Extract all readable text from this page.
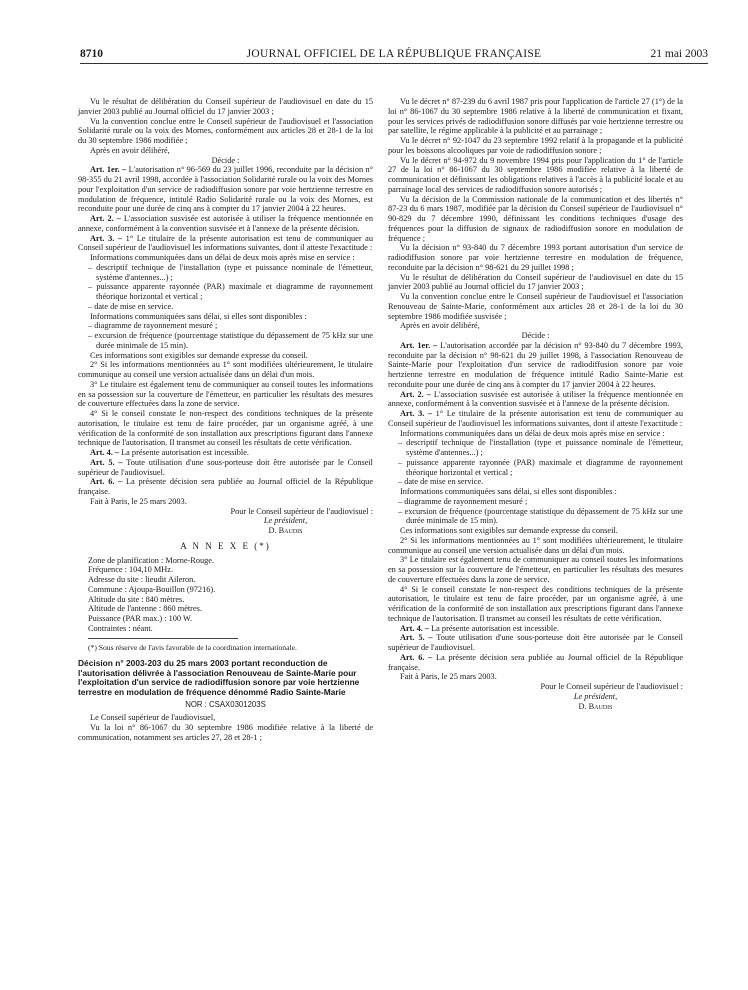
8710	JOURNAL OFFICIEL DE LA RÉPUBLIQUE FRANÇAISE	21 mai 2003

Vu le résultat de délibération du Conseil supérieur de l'audiovisuel en date du 15 janvier 2003 publié au Journal officiel du 17 janvier 2003 ;

Vu la convention conclue entre le Conseil supérieur de l'audiovisuel et l'association Solidarité rurale ou la voix des Mornes, conformément aux articles 28 et 28-1 de la loi du 30 septembre 1986 modifiée ;

Après en avoir délibéré,

Décide :

Art. 1er. – L'autorisation n° 96-569 du 23 juillet 1996, reconduite par la décision n° 98-355 du 21 avril 1998, accordée à l'association Solidarité rurale ou la voix des Mornes pour l'exploitation d'un service de radiodiffusion sonore par voie hertzienne terrestre en modulation de fréquence, intitulé Radio Solidarité rurale ou la voix des Mornes, est reconduite pour une durée de cinq ans à compter du 17 janvier 2004 à 22 heures.

Art. 2. – L'association susvisée est autorisée à utiliser la fréquence mentionnée en annexe, conformément à la convention susvisée et à l'annexe de la présente décision.

Art. 3. – 1° Le titulaire de la présente autorisation est tenu de communiquer au Conseil supérieur de l'audiovisuel les informations suivantes, dont il atteste l'exactitude :

Informations communiquées dans un délai de deux mois après mise en service :

– descriptif technique de l'installation (type et puissance nominale de l'émetteur, système d'antennes...) ;

– puissance apparente rayonnée (PAR) maximale et diagramme de rayonnement théorique horizontal et vertical ;

– date de mise en service.

Informations communiquées sans délai, si elles sont disponibles :

– diagramme de rayonnement mesuré ;

– excursion de fréquence (pourcentage statistique du dépassement de 75 kHz sur une durée minimale de 15 min).

Ces informations sont exigibles sur demande expresse du conseil.

2° Si les informations mentionnées au 1° sont modifiées ultérieurement, le titulaire communique au conseil une version actualisée dans un délai d'un mois.

3° Le titulaire est également tenu de communiquer au conseil toutes les informations en sa possession sur la couverture de l'émetteur, en particulier les résultats des mesures de couverture effectuées dans la zone de service.

4° Si le conseil constate le non-respect des conditions techniques de la présente autorisation, le titulaire est tenu de faire procéder, par un organisme agréé, à une vérification de la conformité de son installation aux prescriptions figurant dans l'annexe technique de l'autorisation. Il transmet au conseil les résultats de cette vérification.

Art. 4. – La présente autorisation est incessible.

Art. 5. – Toute utilisation d'une sous-porteuse doit être autorisée par le Conseil supérieur de l'audiovisuel.

Art. 6. – La présente décision sera publiée au Journal officiel de la République française.

Fait à Paris, le 25 mars 2003.

Pour le Conseil supérieur de l'audiovisuel :

Le président,

D. Baudis

A N N E X E (*)
Zone de planification : Morne-Rouge.
Fréquence : 104,10 MHz.
Adresse du site : lieudit Aileron.
Commune : Ajoupa-Bouillon (97216).
Altitude du site : 840 mètres.
Altitude de l'antenne : 860 mètres.
Puissance (PAR max.) : 100 W.
Contraintes : néant.
(*) Sous réserve de l'avis favorable de la coordination internationale.
Décision n° 2003-203 du 25 mars 2003 portant reconduction de l'autorisation délivrée à l'association Renouveau de Sainte-Marie pour l'exploitation d'un service de radiodiffusion sonore par voie hertzienne terrestre en modulation de fréquence dénommé Radio Sainte-Marie
NOR : CSAX0301203S

Le Conseil supérieur de l'audiovisuel,

Vu la loi n° 86-1067 du 30 septembre 1986 modifiée relative à la liberté de communication, notamment ses articles 27, 28 et 28-1 ;

Vu le décret n° 87-239 du 6 avril 1987 pris pour l'application de l'article 27 (1°) de la loi n° 86-1067 du 30 septembre 1986 relative à la liberté de communication et fixant, pour les services privés de radiodiffusion sonore diffusés par voie hertzienne terrestre ou par satellite, le régime applicable à la publicité et au parrainage ;

Vu le décret n° 92-1047 du 23 septembre 1992 relatif à la propagande et la publicité pour les boissons alcooliques par voie de radiodiffusion sonore ;

Vu le décret n° 94-972 du 9 novembre 1994 pris pour l'application du 1° de l'article 27 de la loi n° 86-1067 du 30 septembre 1986 modifiée relative à la liberté de communication et définissant les obligations relatives à l'accès à la publicité locale et au parrainage local des services de radiodiffusion sonore autorisés ;

Vu la décision de la Commission nationale de la communication et des libertés n° 87-23 du 6 mars 1987, modifiée par la décision du Conseil supérieur de l'audiovisuel n° 90-829 du 7 décembre 1990, définissant les conditions techniques d'usage des fréquences pour la diffusion de signaux de radiodiffusion sonore en modulation de fréquence ;

Vu la décision n° 93-840 du 7 décembre 1993 portant autorisation d'un service de radiodiffusion sonore par voie hertzienne terrestre en modulation de fréquence, reconduite par la décision n° 98-621 du 29 juillet 1998 ;

Vu le résultat de délibération du Conseil supérieur de l'audiovisuel en date du 15 janvier 2003 publié au Journal officiel du 17 janvier 2003 ;

Vu la convention conclue entre le Conseil supérieur de l'audiovisuel et l'association Renouveau de Sainte-Marie, conformément aux articles 28 et 28-1 de la loi du 30 septembre 1986 modifiée susvisée ;

Après en avoir délibéré,

Décide :

Art. 1er. – L'autorisation accordée par la décision n° 93-840 du 7 décembre 1993, reconduite par la décision n° 98-621 du 29 juillet 1998, à l'association Renouveau de Sainte-Marie pour l'exploitation d'un service de radiodiffusion sonore par voie hertzienne terrestre en modulation de fréquence intitulé Radio Sainte-Marie est reconduite pour une durée de cinq ans à compter du 17 janvier 2004 à 22 heures.

Art. 2. – L'association susvisée est autorisée à utiliser la fréquence mentionnée en annexe, conformément à la convention susvisée et à l'annexe de la présente décision.

Art. 3. – 1° Le titulaire de la présente autorisation est tenu de communiquer au Conseil supérieur de l'audiovisuel les informations suivantes, dont il atteste l'exactitude :

Informations communiquées dans un délai de deux mois après mise en service :

– descriptif technique de l'installation (type et puissance nominale de l'émetteur, système d'antennes...) ;

– puissance apparente rayonnée (PAR) maximale et diagramme de rayonnement théorique horizontal et vertical ;

– date de mise en service.

Informations communiquées sans délai, si elles sont disponibles :

– diagramme de rayonnement mesuré ;

– excursion de fréquence (pourcentage statistique du dépassement de 75 kHz sur une durée minimale de 15 min).

Ces informations sont exigibles sur demande expresse du conseil.

2° Si les informations mentionnées au 1° sont modifiées ultérieurement, le titulaire communique au conseil une version actualisée dans un délai d'un mois.

3° Le titulaire est également tenu de communiquer au conseil toutes les informations en sa possession sur la couverture de l'émetteur, en particulier les résultats des mesures de couverture effectuées dans la zone de service.

4° Si le conseil constate le non-respect des conditions techniques de la présente autorisation, le titulaire est tenu de faire procéder, par un organisme agréé, à une vérification de la conformité de son installation aux prescriptions figurant dans l'annexe technique de l'autorisation. Il transmet au conseil les résultats de cette vérification.

Art. 4. – La présente autorisation est incessible.

Art. 5. – Toute utilisation d'une sous-porteuse doit être autorisée par le Conseil supérieur de l'audiovisuel.

Art. 6. – La présente décision sera publiée au Journal officiel de la République française.

Fait à Paris, le 25 mars 2003.

Pour le Conseil supérieur de l'audiovisuel :

Le président,

D. Baudis
